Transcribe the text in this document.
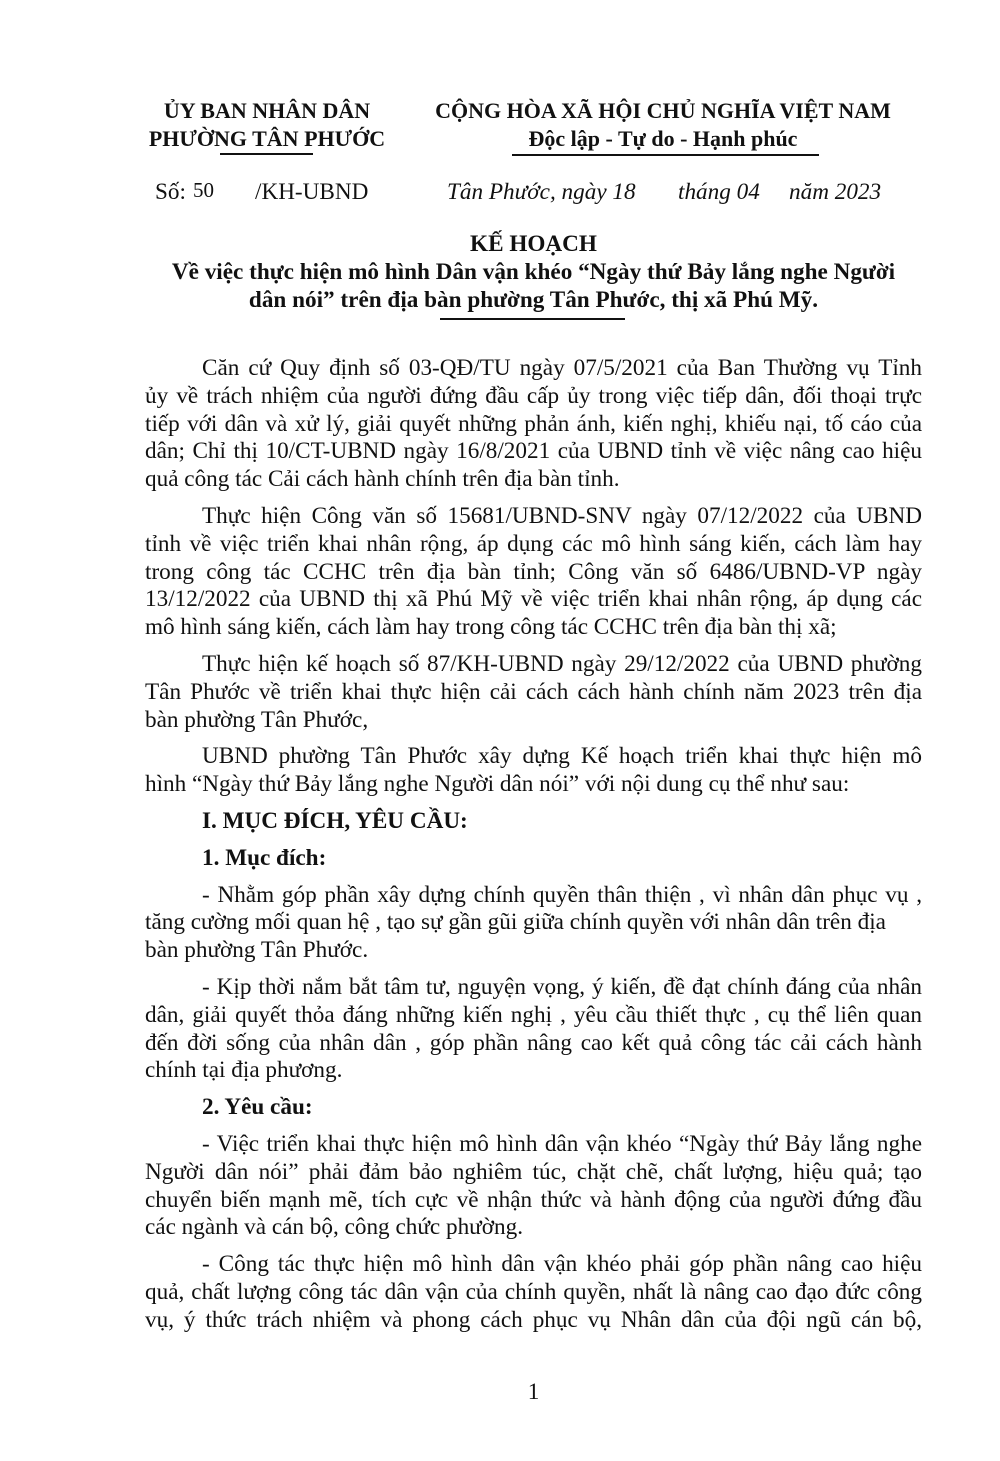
ỦY BAN NHÂN DÂN
PHƯỜNG TÂN PHƯỚC
CỘNG HÒA XÃ HỘI CHỦ NGHĨA VIỆT NAM
Độc lập - Tự do - Hạnh phúc
Số: 50 /KH-UBND	Tân Phước, ngày 18 tháng 04 năm 2023
KẾ HOẠCH
Về việc thực hiện mô hình Dân vận khéo “Ngày thứ Bảy lắng nghe Người
dân nói” trên địa bàn phường Tân Phước, thị xã Phú Mỹ.
Căn cứ Quy định số 03-QĐ/TU ngày 07/5/2021 của Ban Thường vụ Tỉnh
ủy về trách nhiệm của người đứng đầu cấp ủy trong việc tiếp dân, đối thoại trực
tiếp với dân và xử lý, giải quyết những phản ánh, kiến nghị, khiếu nại, tố cáo của
dân; Chỉ thị 10/CT-UBND ngày 16/8/2021 của UBND tỉnh về việc nâng cao hiệu
quả công tác Cải cách hành chính trên địa bàn tỉnh.
Thực hiện Công văn số 15681/UBND-SNV ngày 07/12/2022 của UBND
tỉnh về việc triển khai nhân rộng, áp dụng các mô hình sáng kiến, cách làm hay
trong công tác CCHC trên địa bàn tỉnh; Công văn số 6486/UBND-VP ngày
13/12/2022 của UBND thị xã Phú Mỹ về việc triển khai nhân rộng, áp dụng các
mô hình sáng kiến, cách làm hay trong công tác CCHC trên địa bàn thị xã;
Thực hiện kế hoạch số 87/KH-UBND ngày 29/12/2022 của UBND phường
Tân Phước về triển khai thực hiện cải cách cách hành chính năm 2023 trên địa
bàn phường Tân Phước,
UBND phường Tân Phước xây dựng Kế hoạch triển khai thực hiện mô
hình “Ngày thứ Bảy lắng nghe Người dân nói” với nội dung cụ thể như sau:
I. MỤC ĐÍCH, YÊU CẦU:
1. Mục đích:
- Nhằm góp phần xây dựng chính quyền thân thiện , vì nhân dân phục vụ ,
tăng cường mối quan hệ , tạo sự gần gũi giữa chính quyền với nhân dân trên địa
bàn phường Tân Phước.
- Kịp thời nắm bắt tâm tư, nguyện vọng, ý kiến, đề đạt chính đáng của nhân
dân, giải quyết thỏa đáng những kiến nghị , yêu cầu thiết thực , cụ thể liên quan
đến đời sống của nhân dân , góp phần nâng cao kết quả công tác cải cách hành
chính tại địa phương.
2. Yêu cầu:
- Việc triển khai thực hiện mô hình dân vận khéo “Ngày thứ Bảy lắng nghe
Người dân nói” phải đảm bảo nghiêm túc, chặt chẽ, chất lượng, hiệu quả; tạo
chuyển biến mạnh mẽ, tích cực về nhận thức và hành động của người đứng đầu
các ngành và cán bộ, công chức phường.
- Công tác thực hiện mô hình dân vận khéo phải góp phần nâng cao hiệu
quả, chất lượng công tác dân vận của chính quyền, nhất là nâng cao đạo đức công
vụ, ý thức trách nhiệm và phong cách phục vụ Nhân dân của đội ngũ cán bộ,
1
